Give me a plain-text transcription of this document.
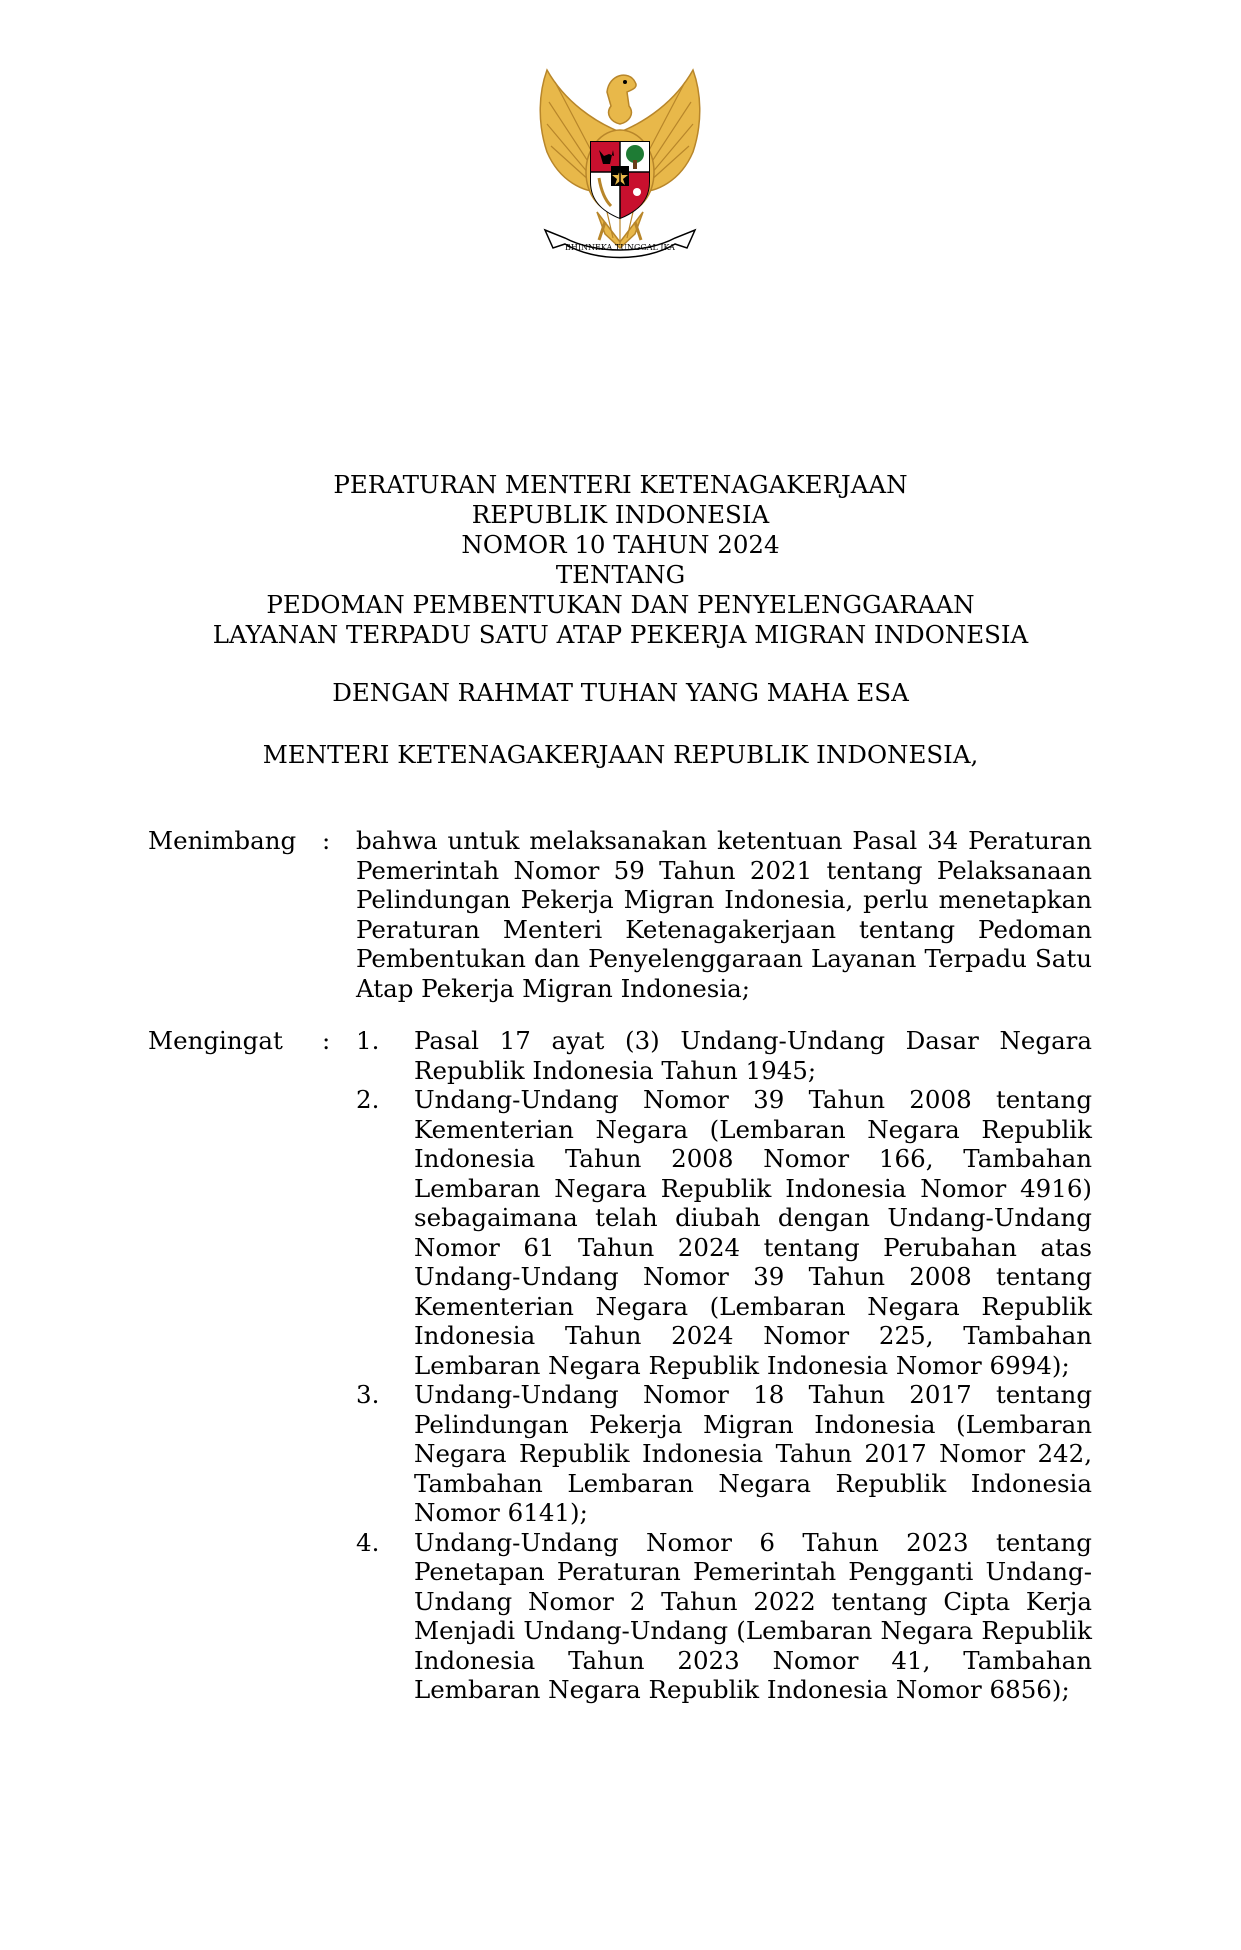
BHINNEKA TUNGGAL IKA
PERATURAN MENTERI KETENAGAKERJAAN
REPUBLIK INDONESIA
NOMOR 10 TAHUN 2024
TENTANG
PEDOMAN PEMBENTUKAN DAN PENYELENGGARAAN
LAYANAN TERPADU SATU ATAP PEKERJA MIGRAN INDONESIA
DENGAN RAHMAT TUHAN YANG MAHA ESA
MENTERI KETENAGAKERJAAN REPUBLIK INDONESIA,
Menimbang : bahwa untuk melaksanakan ketentuan Pasal 34 Peraturan Pemerintah Nomor 59 Tahun 2021 tentang Pelaksanaan Pelindungan Pekerja Migran Indonesia, perlu menetapkan Peraturan Menteri Ketenagakerjaan tentang Pedoman Pembentukan dan Penyelenggaraan Layanan Terpadu Satu Atap Pekerja Migran Indonesia;
Mengingat : 1.	Pasal 17 ayat (3) Undang-Undang Dasar Negara Republik Indonesia Tahun 1945;
2.	Undang-Undang Nomor 39 Tahun 2008 tentang Kementerian Negara (Lembaran Negara Republik Indonesia Tahun 2008 Nomor 166, Tambahan Lembaran Negara Republik Indonesia Nomor 4916) sebagaimana telah diubah dengan Undang-Undang Nomor 61 Tahun 2024 tentang Perubahan atas Undang-Undang Nomor 39 Tahun 2008 tentang Kementerian Negara (Lembaran Negara Republik Indonesia Tahun 2024 Nomor 225, Tambahan Lembaran Negara Republik Indonesia Nomor 6994);
3.	Undang-Undang Nomor 18 Tahun 2017 tentang Pelindungan Pekerja Migran Indonesia (Lembaran Negara Republik Indonesia Tahun 2017 Nomor 242, Tambahan Lembaran Negara Republik Indonesia Nomor 6141);
4.	Undang-Undang Nomor 6 Tahun 2023 tentang Penetapan Peraturan Pemerintah Pengganti Undang-Undang Nomor 2 Tahun 2022 tentang Cipta Kerja Menjadi Undang-Undang (Lembaran Negara Republik Indonesia Tahun 2023 Nomor 41, Tambahan Lembaran Negara Republik Indonesia Nomor 6856);
